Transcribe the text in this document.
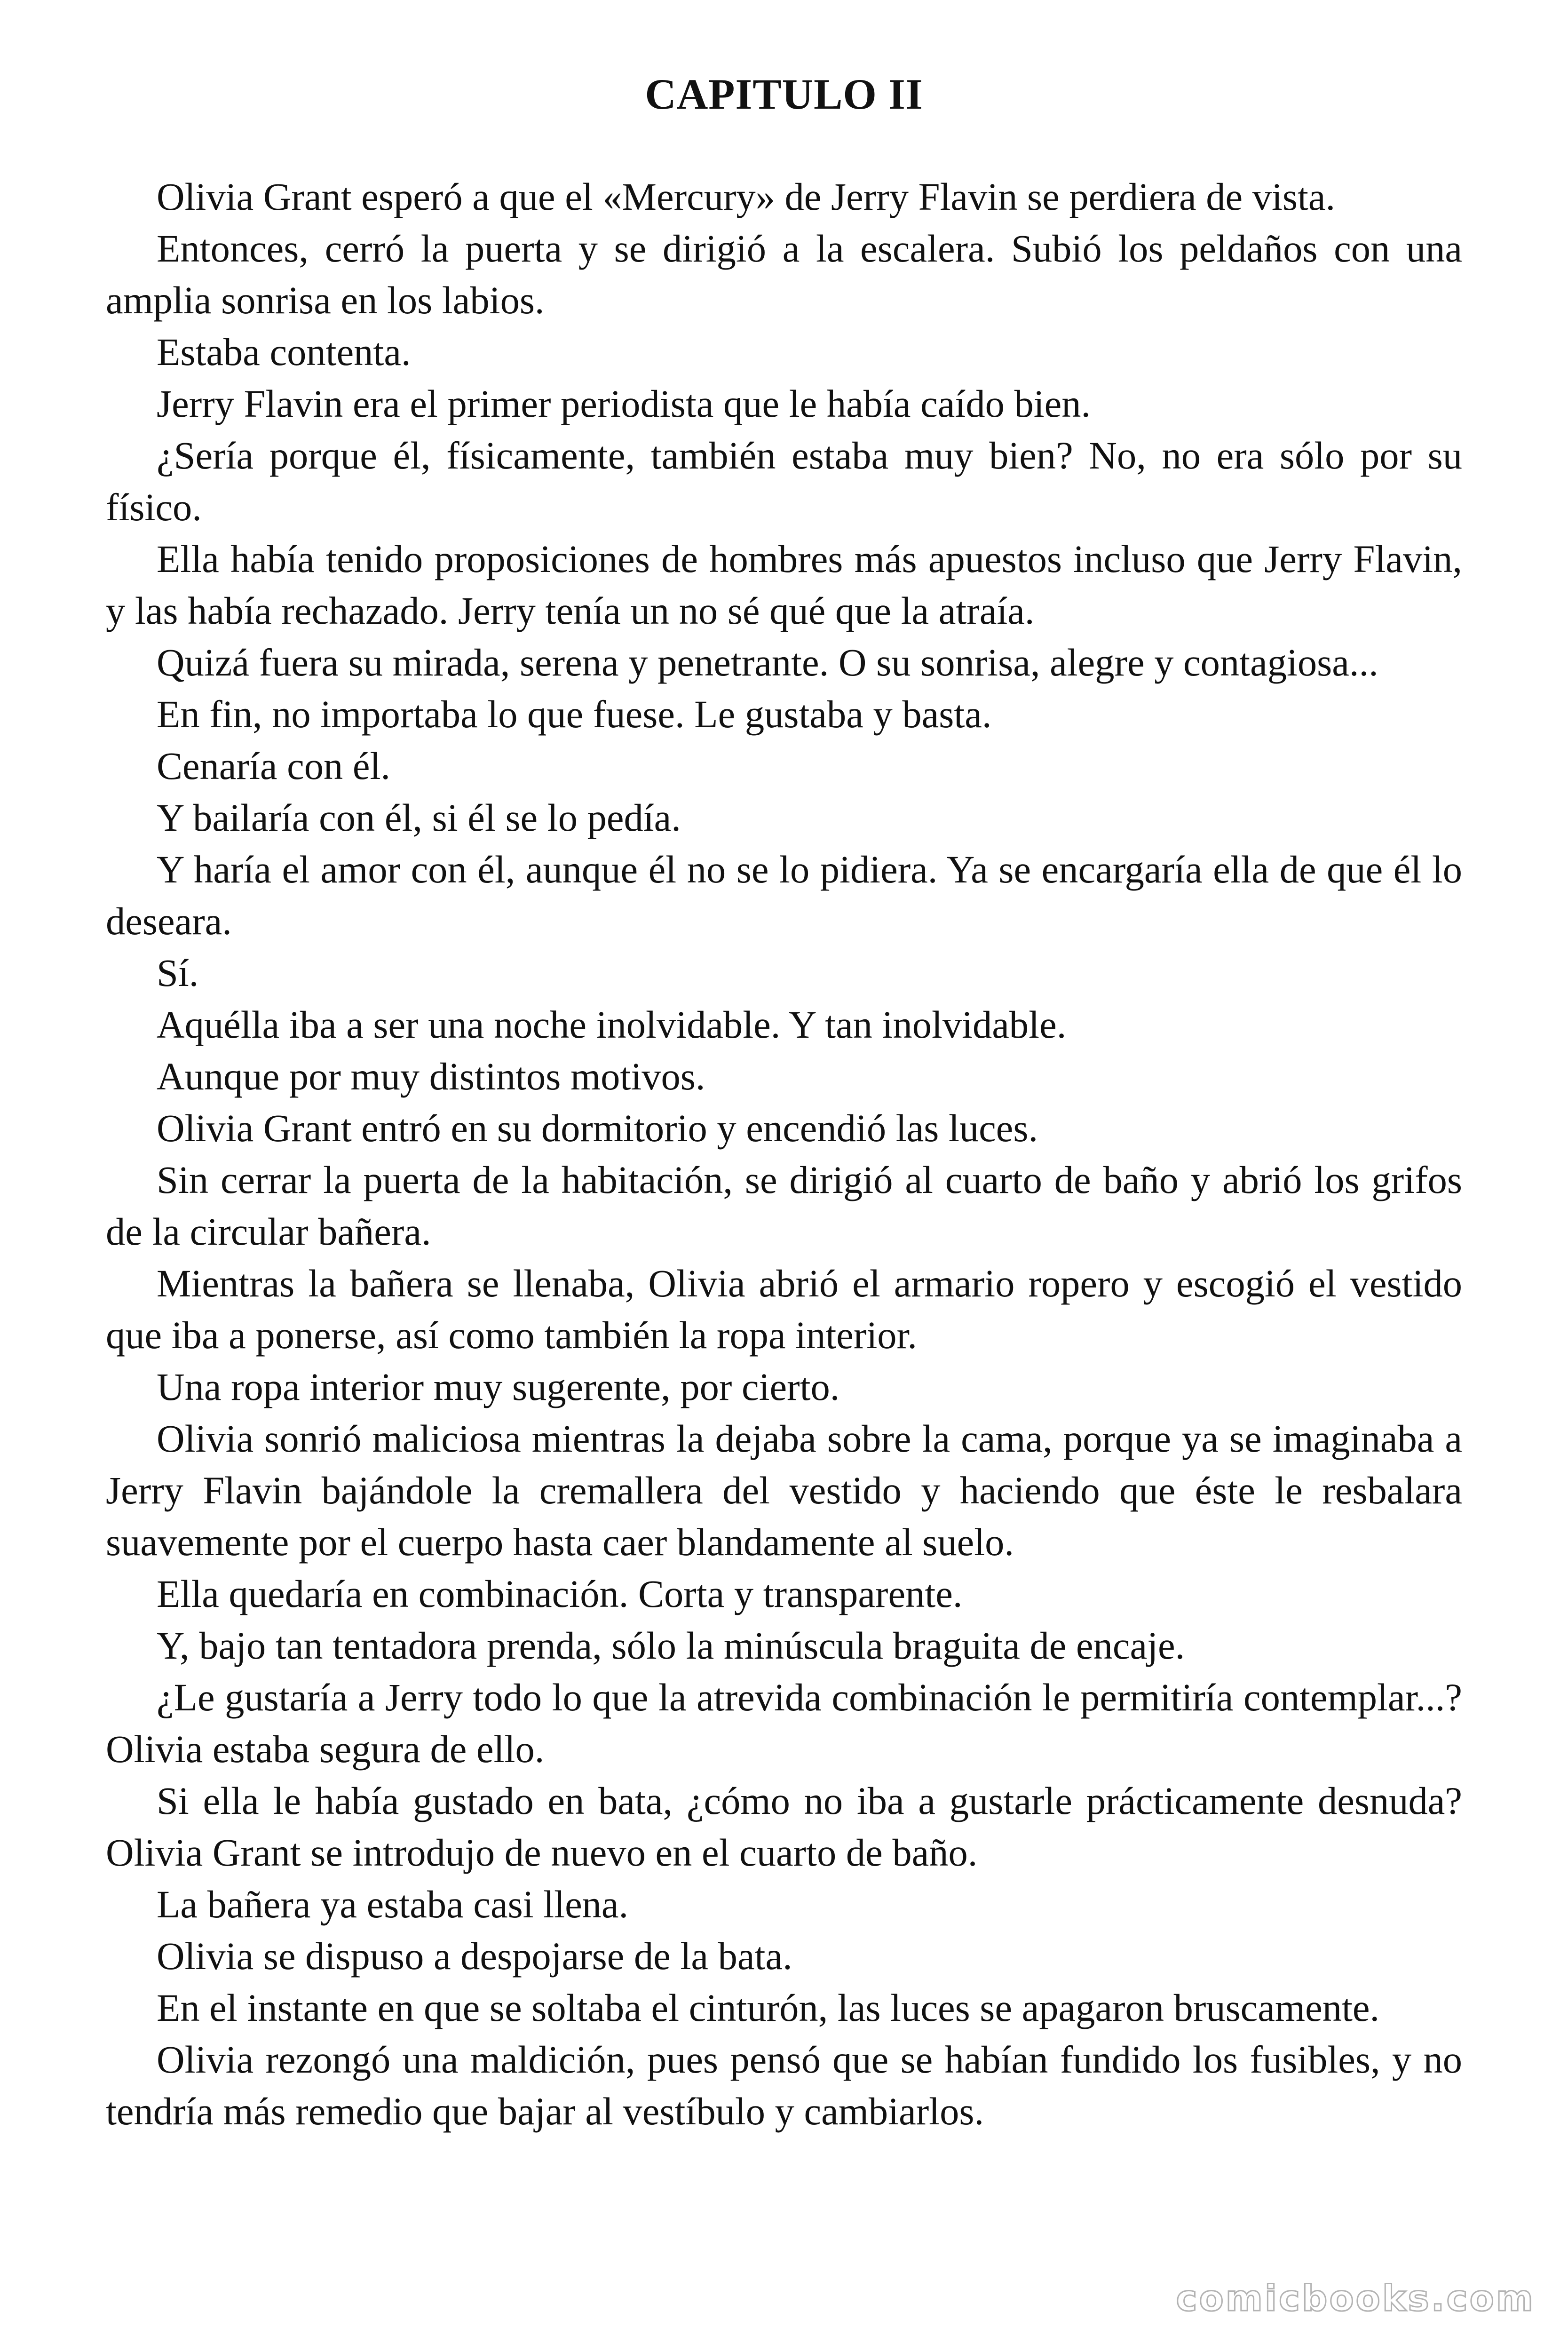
CAPITULO II

Olivia Grant esperó a que el «Mercury» de Jerry Flavin se perdiera de vista.

Entonces, cerró la puerta y se dirigió a la escalera. Subió los peldaños con una amplia sonrisa en los labios.

Estaba contenta.

Jerry Flavin era el primer periodista que le había caído bien.

¿Sería porque él, físicamente, también estaba muy bien? No, no era sólo por su físico.

Ella había tenido proposiciones de hombres más apuestos incluso que Jerry Flavin, y las había rechazado. Jerry tenía un no sé qué que la atraía.

Quizá fuera su mirada, serena y penetrante. O su sonrisa, alegre y contagiosa...

En fin, no importaba lo que fuese. Le gustaba y basta.

Cenaría con él.

Y bailaría con él, si él se lo pedía.

Y haría el amor con él, aunque él no se lo pidiera. Ya se encargaría ella de que él lo deseara.

Sí.

Aquélla iba a ser una noche inolvidable. Y tan inolvidable.

Aunque por muy distintos motivos.

Olivia Grant entró en su dormitorio y encendió las luces.

Sin cerrar la puerta de la habitación, se dirigió al cuarto de baño y abrió los grifos de la circular bañera.

Mientras la bañera se llenaba, Olivia abrió el armario ropero y escogió el vestido que iba a ponerse, así como también la ropa interior.

Una ropa interior muy sugerente, por cierto.

Olivia sonrió maliciosa mientras la dejaba sobre la cama, porque ya se imaginaba a Jerry Flavin bajándole la cremallera del vestido y haciendo que éste le resbalara suavemente por el cuerpo hasta caer blandamente al suelo.

Ella quedaría en combinación. Corta y transparente.

Y, bajo tan tentadora prenda, sólo la minúscula braguita de encaje.

¿Le gustaría a Jerry todo lo que la atrevida combinación le permitiría contemplar...? Olivia estaba segura de ello.

Si ella le había gustado en bata, ¿cómo no iba a gustarle prácticamente desnuda? Olivia Grant se introdujo de nuevo en el cuarto de baño.

La bañera ya estaba casi llena.

Olivia se dispuso a despojarse de la bata.

En el instante en que se soltaba el cinturón, las luces se apagaron bruscamente.

Olivia rezongó una maldición, pues pensó que se habían fundido los fusibles, y no tendría más remedio que bajar al vestíbulo y cambiarlos.

comicbooks.com
